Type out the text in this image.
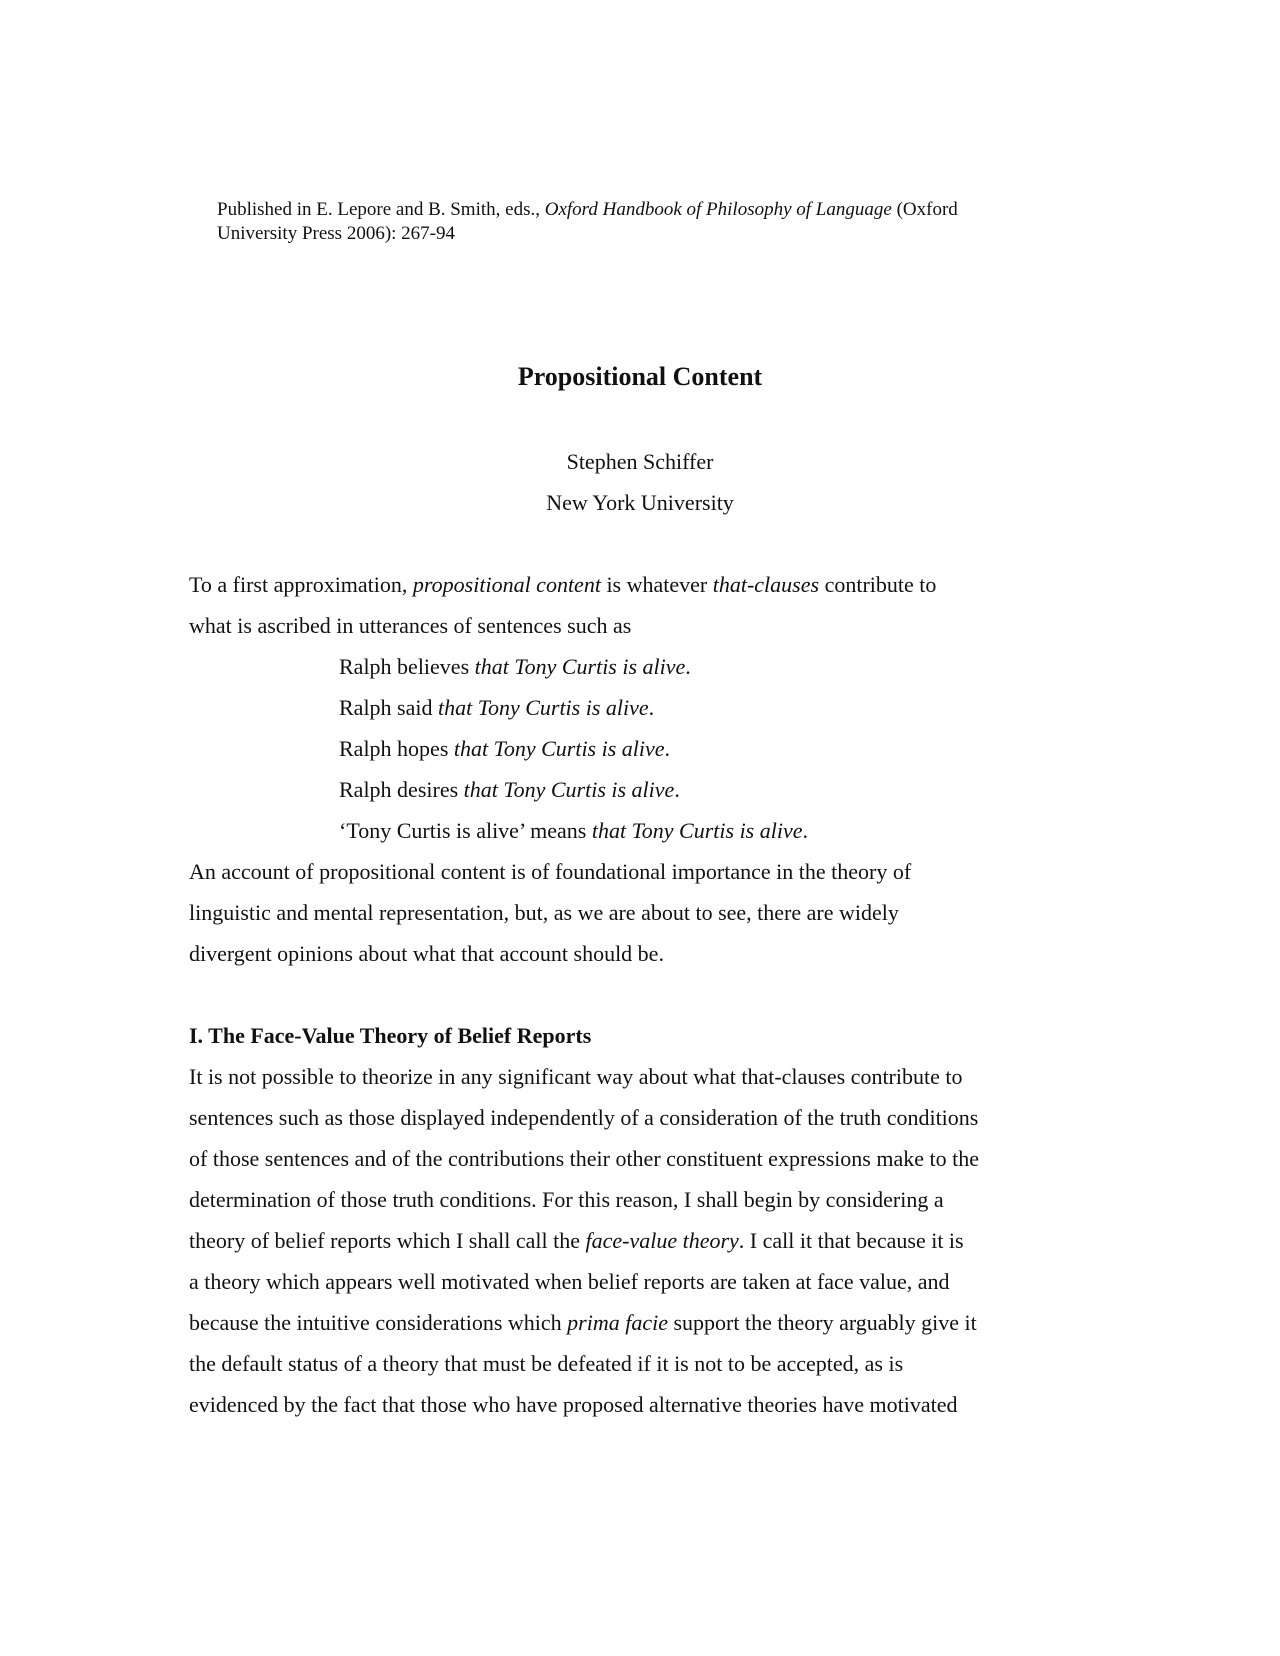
Published in E. Lepore and B. Smith, eds., Oxford Handbook of Philosophy of Language (Oxford
University Press 2006): 267-94
Propositional Content
Stephen Schiffer
New York University
To a first approximation, propositional content is whatever that-clauses contribute to
what is ascribed in utterances of sentences such as
Ralph believes that Tony Curtis is alive.
Ralph said that Tony Curtis is alive.
Ralph hopes that Tony Curtis is alive.
Ralph desires that Tony Curtis is alive.
‘Tony Curtis is alive’ means that Tony Curtis is alive.
An account of propositional content is of foundational importance in the theory of
linguistic and mental representation, but, as we are about to see, there are widely
divergent opinions about what that account should be.
I. The Face-Value Theory of Belief Reports
It is not possible to theorize in any significant way about what that-clauses contribute to
sentences such as those displayed independently of a consideration of the truth conditions
of those sentences and of the contributions their other constituent expressions make to the
determination of those truth conditions. For this reason, I shall begin by considering a
theory of belief reports which I shall call the face-value theory. I call it that because it is
a theory which appears well motivated when belief reports are taken at face value, and
because the intuitive considerations which prima facie support the theory arguably give it
the default status of a theory that must be defeated if it is not to be accepted, as is
evidenced by the fact that those who have proposed alternative theories have motivated
